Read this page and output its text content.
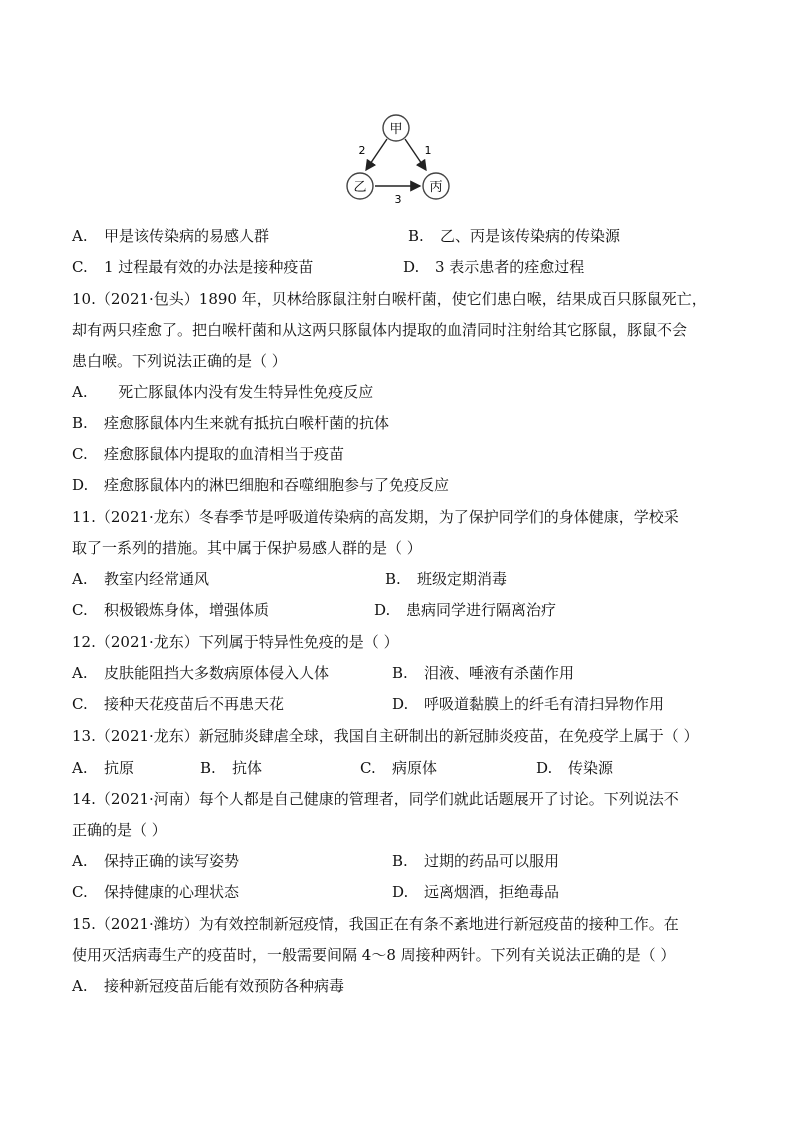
甲
乙	丙
2	1
3
A. 甲是该传染病的易感人群	B. 乙、丙是该传染病的传染源
C. 1 过程最有效的办法是接种疫苗	D. 3 表示患者的痊愈过程
10.（2021·包头）1890 年，贝林给豚鼠注射白喉杆菌，使它们患白喉，结果成百只豚鼠死亡，
却有两只痊愈了。把白喉杆菌和从这两只豚鼠体内提取的血清同时注射给其它豚鼠，豚鼠不会
患白喉。下列说法正确的是（ ）
A.   死亡豚鼠体内没有发生特异性免疫反应
B. 痊愈豚鼠体内生来就有抵抗白喉杆菌的抗体
C. 痊愈豚鼠体内提取的血清相当于疫苗
D. 痊愈豚鼠体内的淋巴细胞和吞噬细胞参与了免疫反应
11.（2021·龙东）冬春季节是呼吸道传染病的高发期，为了保护同学们的身体健康，学校采
取了一系列的措施。其中属于保护易感人群的是（ ）
A. 教室内经常通风	B. 班级定期消毒
C. 积极锻炼身体，增强体质	D. 患病同学进行隔离治疗
12.（2021·龙东）下列属于特异性免疫的是（ ）
A. 皮肤能阻挡大多数病原体侵入人体	B. 泪液、唾液有杀菌作用
C. 接种天花疫苗后不再患天花	D. 呼吸道黏膜上的纤毛有清扫异物作用
13.（2021·龙东）新冠肺炎肆虐全球，我国自主研制出的新冠肺炎疫苗，在免疫学上属于（ ）
A. 抗原	B. 抗体	C. 病原体	D. 传染源
14.（2021·河南）每个人都是自己健康的管理者，同学们就此话题展开了讨论。下列说法不
正确的是（ ）
A. 保持正确的读写姿势	B. 过期的药品可以服用
C. 保持健康的心理状态	D. 远离烟酒，拒绝毒品
15.（2021·潍坊）为有效控制新冠疫情，我国正在有条不紊地进行新冠疫苗的接种工作。在
使用灭活病毒生产的疫苗时，一般需要间隔 4～8 周接种两针。下列有关说法正确的是（ ）
A. 接种新冠疫苗后能有效预防各种病毒
